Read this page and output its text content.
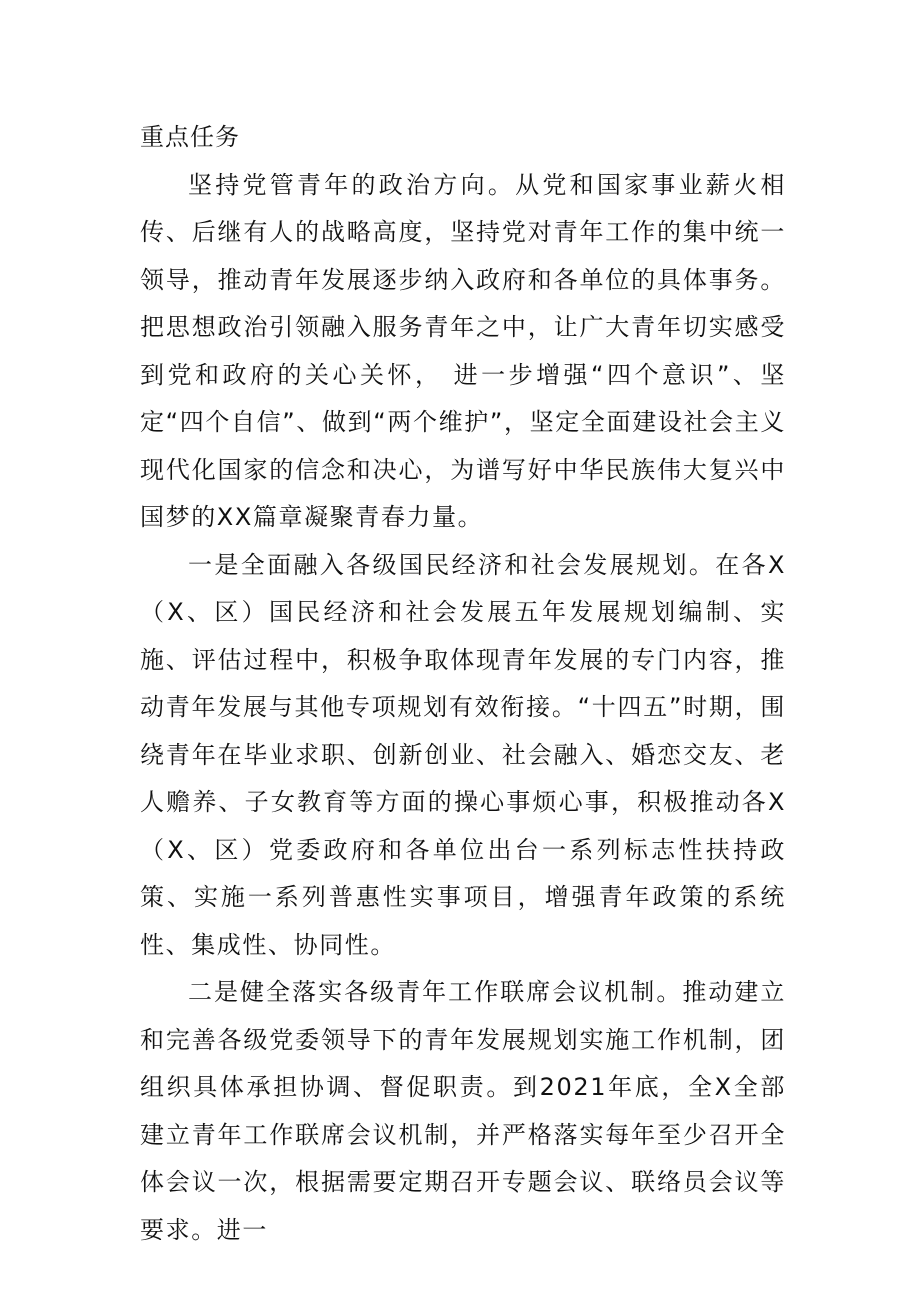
重点任务

坚持党管青年的政治方向。从党和国家事业薪火相传、后继有人的战略高度，坚持党对青年工作的集中统一领导，推动青年发展逐步纳入政府和各单位的具体事务。把思想政治引领融入服务青年之中，让广大青年切实感受到党和政府的关心关怀， 进一步增强“四个意识”、坚定“四个自信”、做到“两个维护”，坚定全面建设社会主义现代化国家的信念和决心，为谱写好中华民族伟大复兴中国梦的XX篇章凝聚青春力量。

一是全面融入各级国民经济和社会发展规划。在各X（X、区）国民经济和社会发展五年发展规划编制、实施、评估过程中，积极争取体现青年发展的专门内容，推动青年发展与其他专项规划有效衔接。“十四五”时期，围绕青年在毕业求职、创新创业、社会融入、婚恋交友、老人赡养、子女教育等方面的操心事烦心事，积极推动各X（X、区）党委政府和各单位出台一系列标志性扶持政策、实施一系列普惠性实事项目，增强青年政策的系统性、集成性、协同性。

二是健全落实各级青年工作联席会议机制。推动建立和完善各级党委领导下的青年发展规划实施工作机制，团组织具体承担协调、督促职责。到2021年底，全X全部建立青年工作联席会议机制，并严格落实每年至少召开全体会议一次，根据需要定期召开专题会议、联络员会议等要求。进一
